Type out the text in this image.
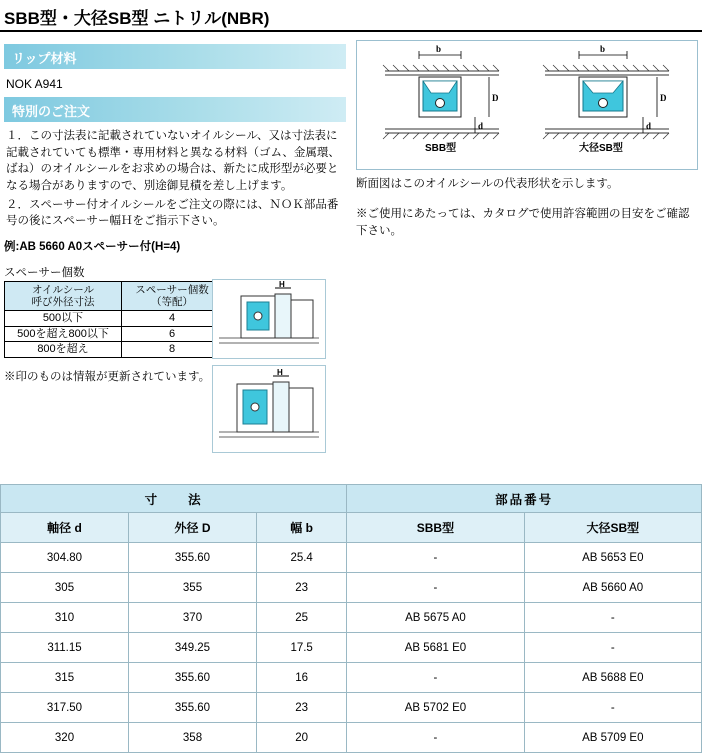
SBB型・大径SB型 ニトリル(NBR)
リップ材料
NOK A941
特別のご注文

１．この寸法表に記載されていないオイルシール、又は寸法表に記載されていても標準・専用材料と異なる材料（ゴム、金属環、ばね）のオイルシールをお求めの場合は、新たに成形型が必要となる場合がありますので、別途御見積を差し上げます。

２．スペーサー付オイルシールをご注文の際には、ＮＯＫ部品番号の後にスペーサー幅Ｈをご指示下さい。

例:AB 5660 A0スペーサー付(H=4)
スペーサー個数
オイルシール
呼び外径寸法

スペーサー個数
（等配）

500以下	4
500を超え800以下	6
800を超え	8
※印のものは情報が更新されています。
H
H
b
D
d
SBB型
b
D
d
大径SB型
断面図はこのオイルシールの代表形状を示します。
※ご使用にあたっては、カタログで使用許容範囲の目安をご確認下さい。
寸　　法			部品番号	
軸径 d	外径 D	幅 b	SBB型	大径SB型
304.80	355.60	25.4	-	AB 5653 E0
305	355	23	-	AB 5660 A0
310	370	25	AB 5675 A0	-
311.15	349.25	17.5	AB 5681 E0	-
315	355.60	16	-	AB 5688 E0
317.50	355.60	23	AB 5702 E0	-
320	358	20	-	AB 5709 E0
